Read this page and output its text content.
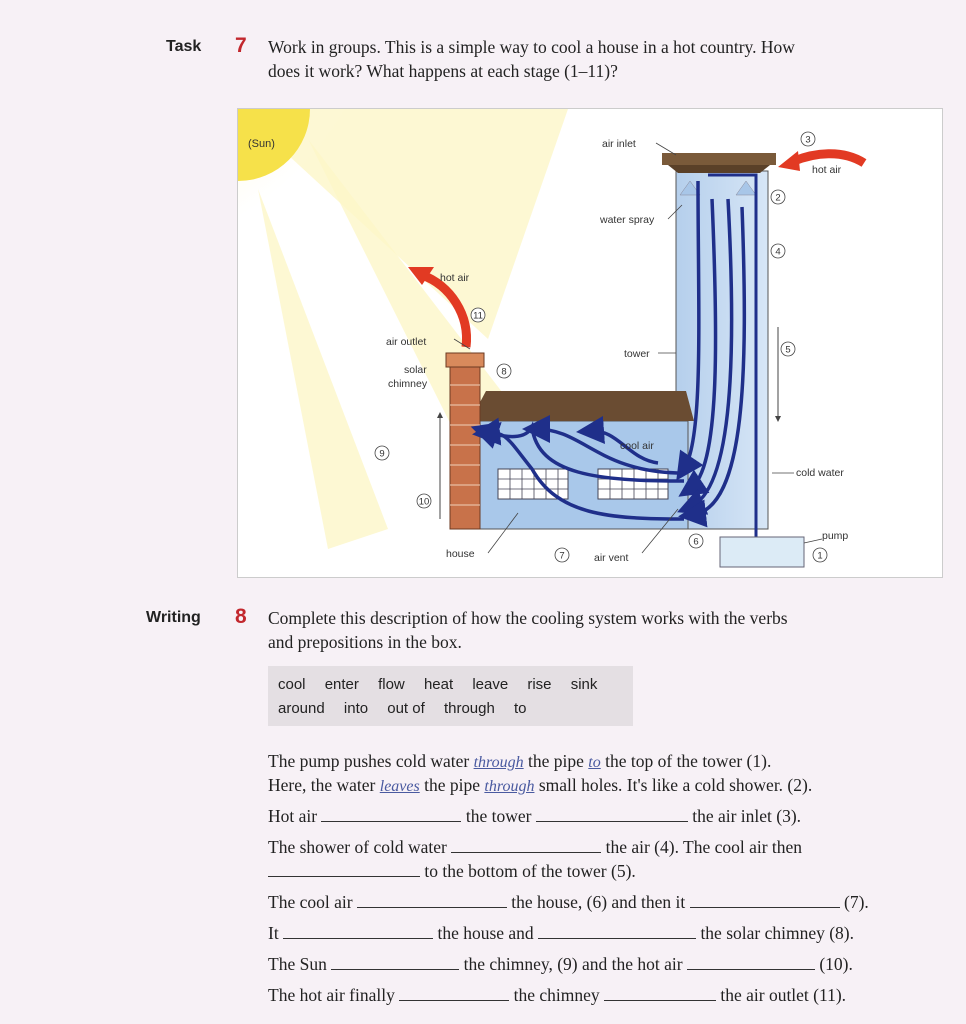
Task 7 Work in groups. This is a simple way to cool a house in a hot country. How
does it work? What happens at each stage (1–11)?
(Sun)	air inlet
water spray
hot air
hot air
air outlet
solar chimney
tower
cool air
cold water
pump
house	air vent	1
2
3
4
5
6
7
8
9
10
11
Writing 8 Complete this description of how the cooling system works with the verbs
and prepositions in the box.
cool enter flow heat leave rise sink
around into out of through to
The pump pushes cold water through the pipe to the top of the tower (1).
Here, the water leaves the pipe through small holes. It's like a cold shower. (2).
Hot air	the tower	the air inlet (3).
The shower of cold water	the air (4). The cool air then
to the bottom of the tower (5).
The cool air	the house, (6) and then it	(7).
It	the house and	the solar chimney (8).
The Sun	the chimney, (9) and the hot air	(10).
The hot air finally	the chimney	the air outlet (11).
